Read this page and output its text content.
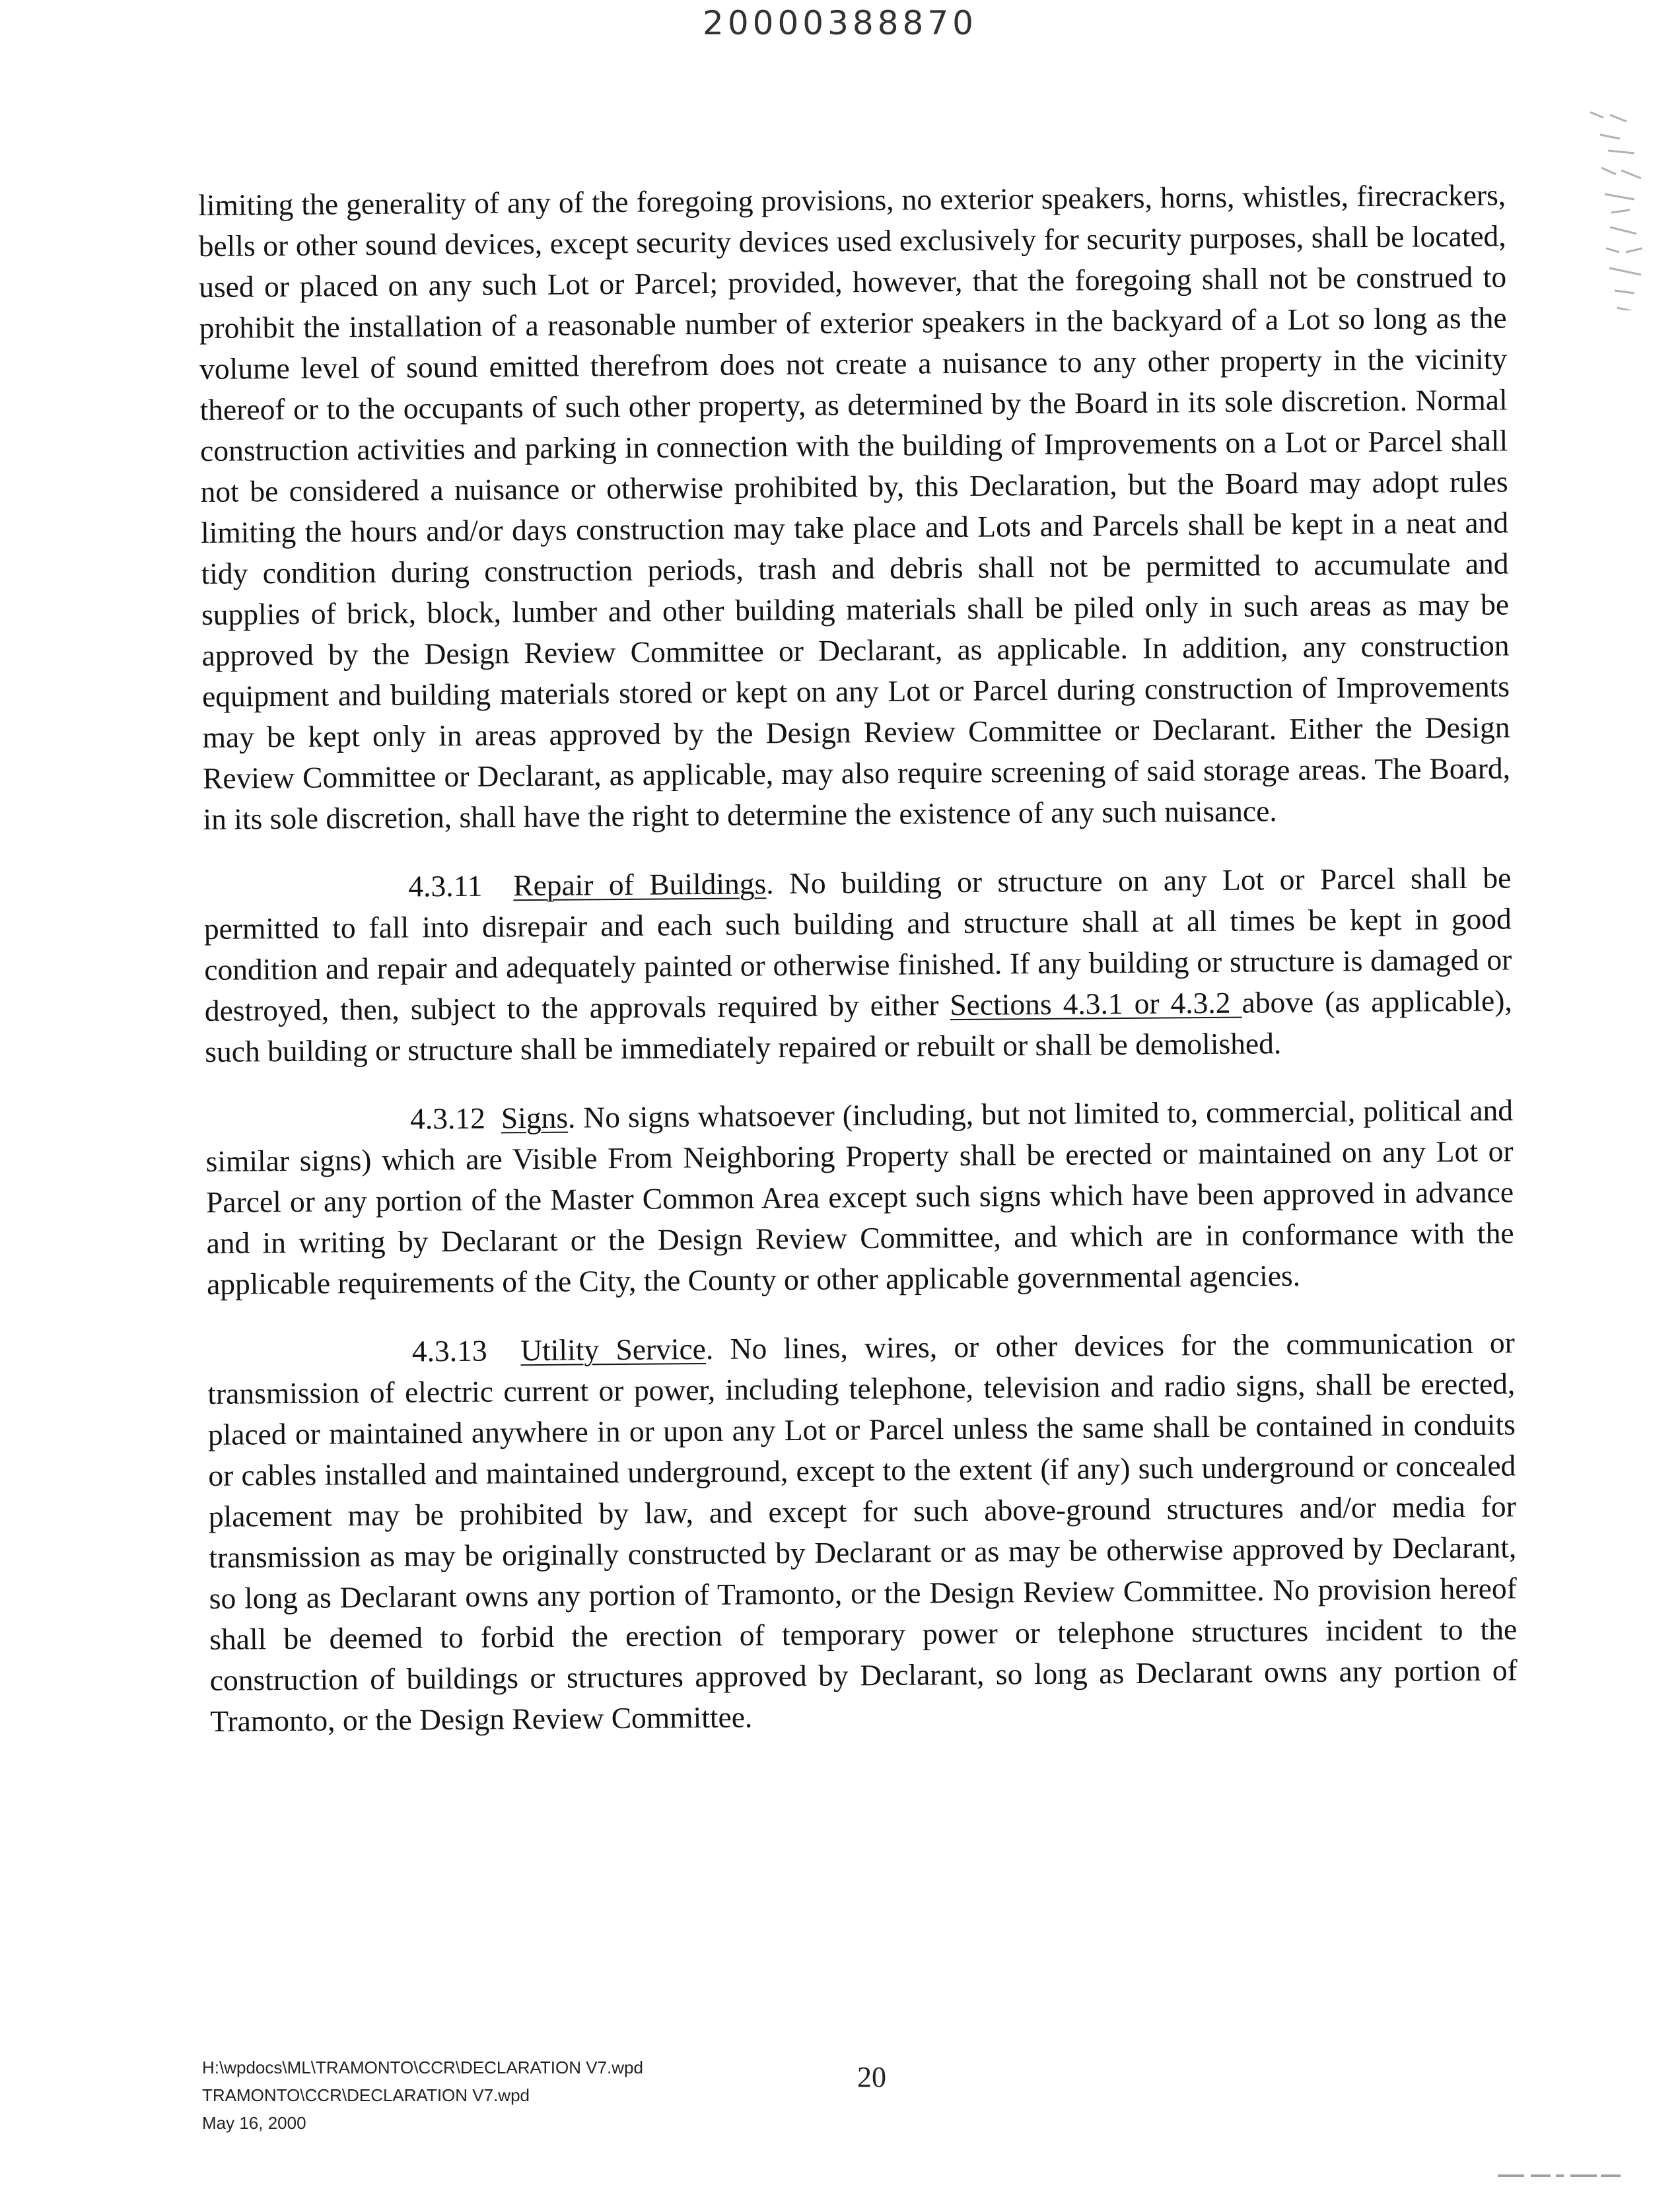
20000388870

limiting the generality of any of the foregoing provisions, no exterior speakers, horns, whistles, firecrackers, bells or other sound devices, except security devices used exclusively for security purposes, shall be located, used or placed on any such Lot or Parcel; provided, however, that the foregoing shall not be construed to prohibit the installation of a reasonable number of exterior speakers in the backyard of a Lot so long as the volume level of sound emitted therefrom does not create a nuisance to any other property in the vicinity thereof or to the occupants of such other property, as determined by the Board in its sole discretion. Normal construction activities and parking in connection with the building of Improvements on a Lot or Parcel shall not be considered a nuisance or otherwise prohibited by, this Declaration, but the Board may adopt rules limiting the hours and/or days construction may take place and Lots and Parcels shall be kept in a neat and tidy condition during construction periods, trash and debris shall not be permitted to accumulate and supplies of brick, block, lumber and other building materials shall be piled only in such areas as may be approved by the Design Review Committee or Declarant, as applicable. In addition, any construction equipment and building materials stored or kept on any Lot or Parcel during construction of Improvements may be kept only in areas approved by the Design Review Committee or Declarant. Either the Design Review Committee or Declarant, as applicable, may also require screening of said storage areas. The Board, in its sole discretion, shall have the right to determine the existence of any such nuisance.

4.3.11 Repair of Buildings. No building or structure on any Lot or Parcel shall be permitted to fall into disrepair and each such building and structure shall at all times be kept in good condition and repair and adequately painted or otherwise finished. If any building or structure is damaged or destroyed, then, subject to the approvals required by either Sections 4.3.1 or 4.3.2 above (as applicable), such building or structure shall be immediately repaired or rebuilt or shall be demolished.

4.3.12 Signs. No signs whatsoever (including, but not limited to, commercial, political and similar signs) which are Visible From Neighboring Property shall be erected or maintained on any Lot or Parcel or any portion of the Master Common Area except such signs which have been approved in advance and in writing by Declarant or the Design Review Committee, and which are in conformance with the applicable requirements of the City, the County or other applicable governmental agencies.

4.3.13 Utility Service. No lines, wires, or other devices for the communication or transmission of electric current or power, including telephone, television and radio signs, shall be erected, placed or maintained anywhere in or upon any Lot or Parcel unless the same shall be contained in conduits or cables installed and maintained underground, except to the extent (if any) such underground or concealed placement may be prohibited by law, and except for such above-ground structures and/or media for transmission as may be originally constructed by Declarant or as may be otherwise approved by Declarant, so long as Declarant owns any portion of Tramonto, or the Design Review Committee. No provision hereof shall be deemed to forbid the erection of temporary power or telephone structures incident to the construction of buildings or structures approved by Declarant, so long as Declarant owns any portion of Tramonto, or the Design Review Committee.

H:\wpdocs\ML\TRAMONTO\CCR\DECLARATION V7.wpd
TRAMONTO\CCR\DECLARATION V7.wpd
May 16, 2000
20
